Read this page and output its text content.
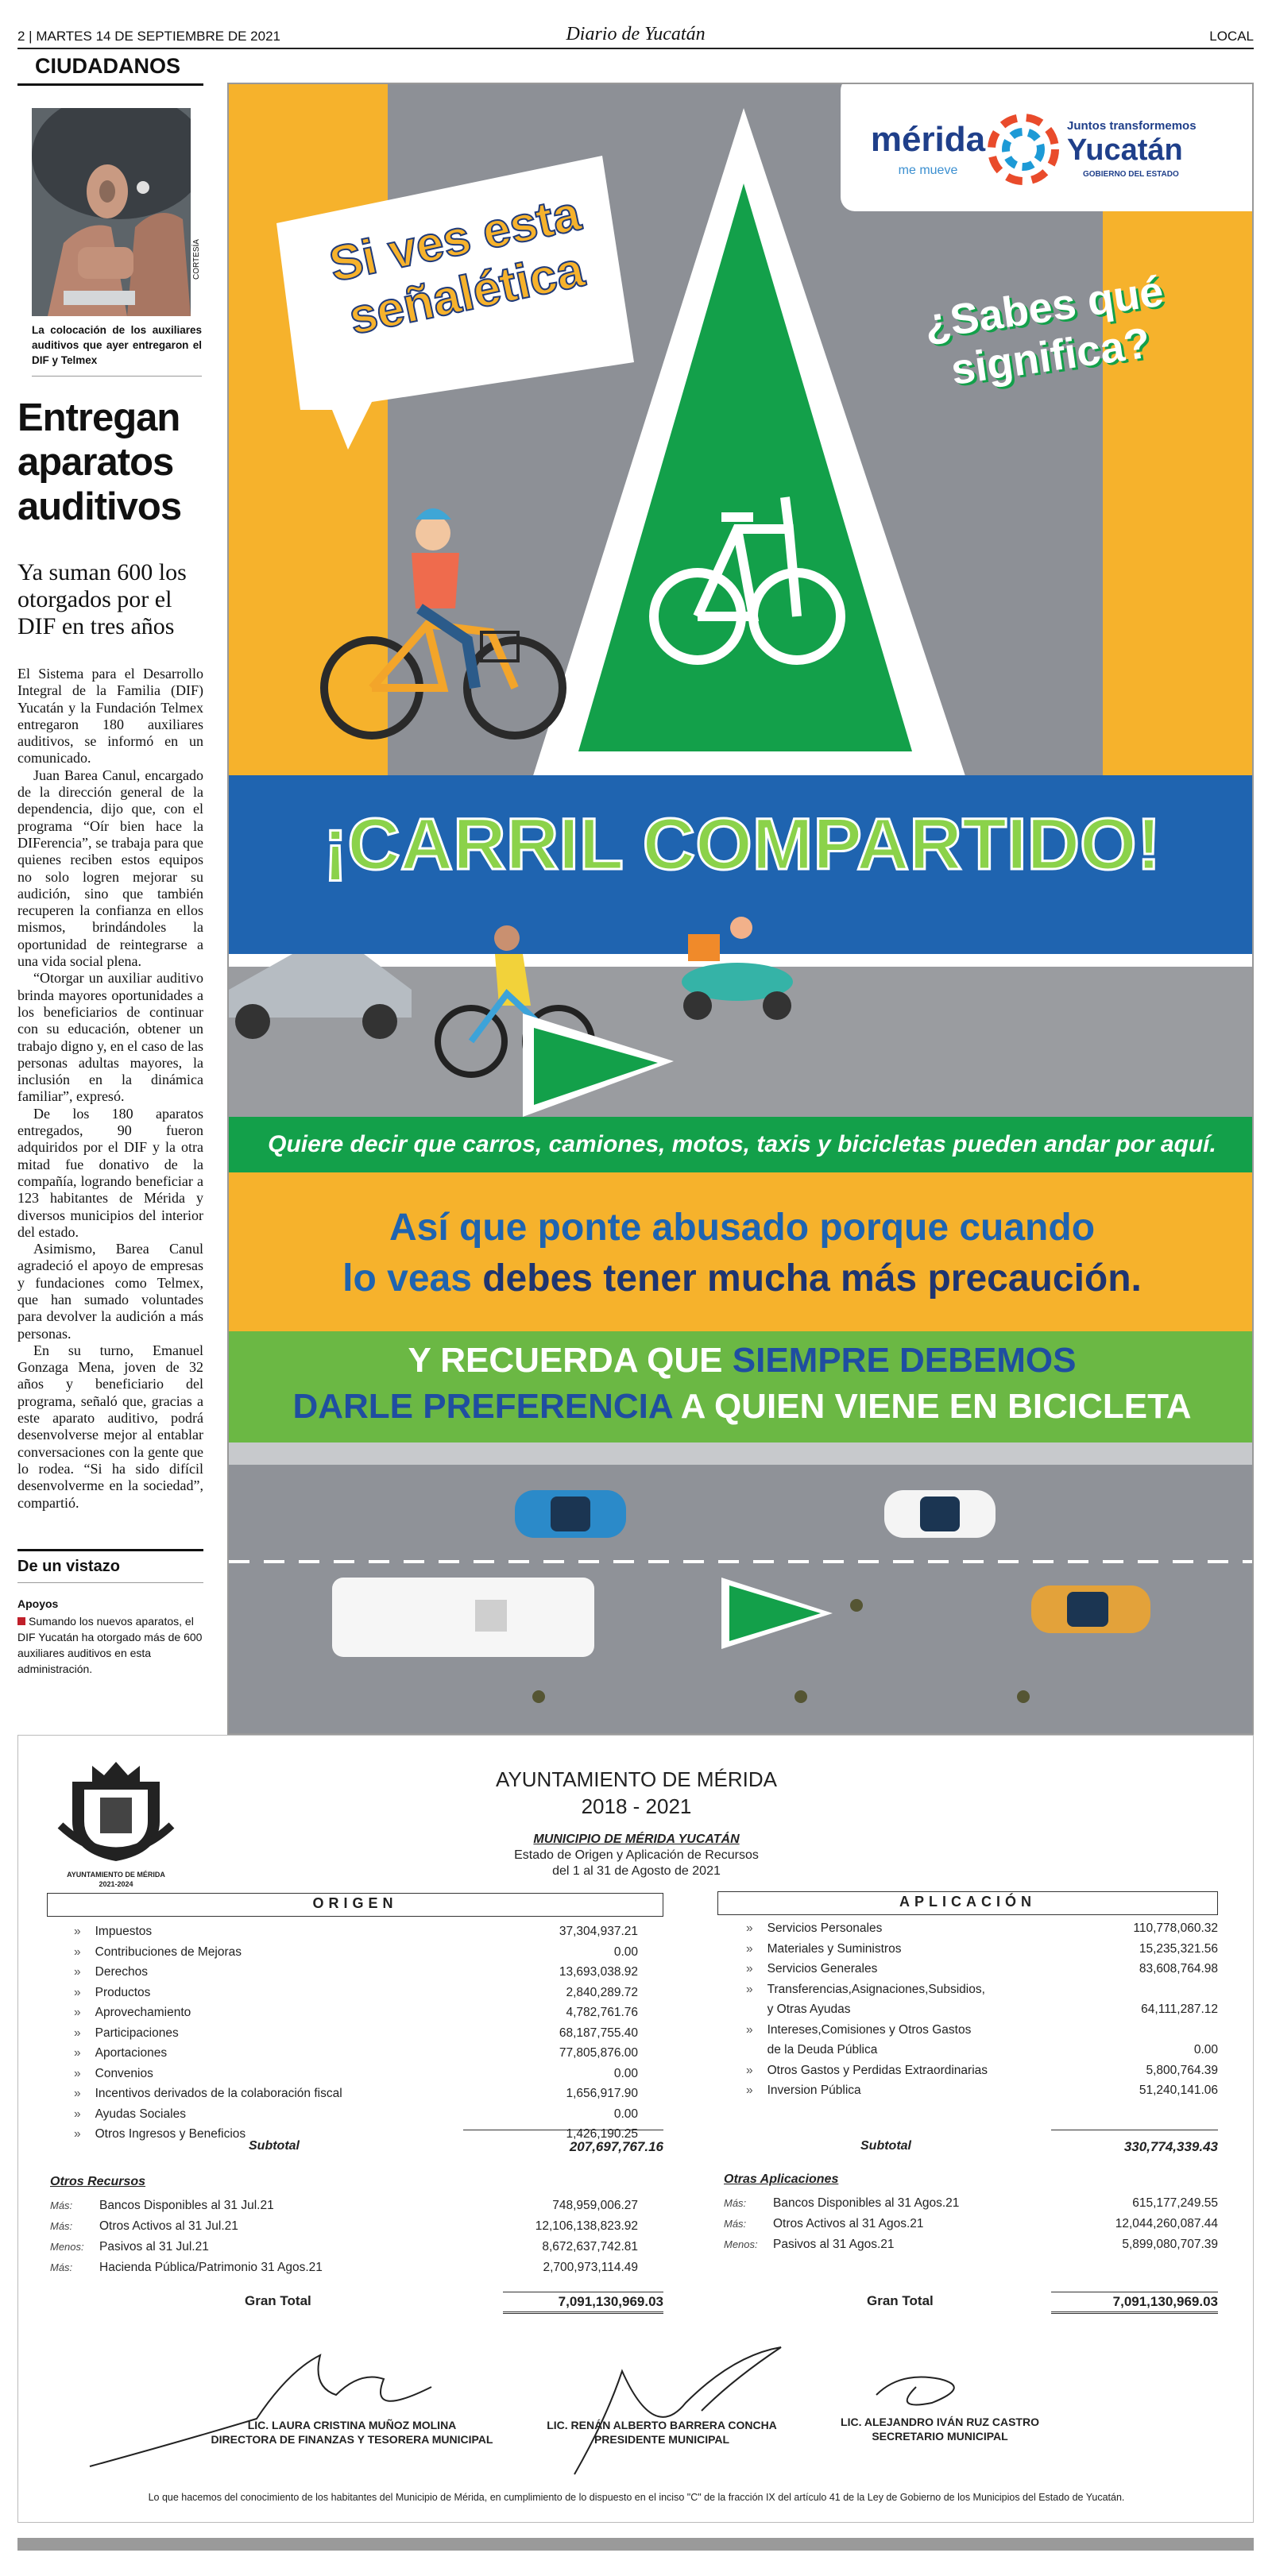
2 | MARTES 14 DE SEPTIEMBRE DE 2021	Diario de Yucatán	LOCAL
CIUDADANOS
CORTESÍA
La colocación de los auxiliares auditivos que ayer entregaron el DIF y Telmex
Entregan aparatos auditivos
Ya suman 600 los otorgados por el DIF en tres años

El Sistema para el Desarrollo Integral de la Familia (DIF) Yucatán y la Fundación Telmex entregaron 180 auxiliares auditivos, se informó en un comunicado.

Juan Barea Canul, encargado de la dirección general de la dependencia, dijo que, con el programa “Oír bien hace la DIFerencia”, se trabaja para que quienes reciben estos equipos no solo logren mejorar su audición, sino que también recuperen la confianza en ellos mismos, brindándoles la oportunidad de reintegrarse a una vida social plena.

“Otorgar un auxiliar auditivo brinda mayores oportunidades a los beneficiarios de continuar con su educación, obtener un trabajo digno y, en el caso de las personas adultas mayores, la inclusión en la dinámica familiar”, expresó.

De los 180 aparatos entregados, 90 fueron adquiridos por el DIF y la otra mitad fue donativo de la compañía, logrando beneficiar a 123 habitantes de Mérida y diversos municipios del interior del estado.

Asimismo, Barea Canul agradeció el apoyo de empresas y fundaciones como Telmex, que han sumado voluntades para devolver la audición a más personas.

En su turno, Emanuel Gonzaga Mena, joven de 32 años y beneficiario del programa, señaló que, gracias a este aparato auditivo, podrá desenvolverse mejor al entablar conversaciones con la gente que lo rodea. “Si ha sido difícil desenvolverme en la sociedad”, compartió.

De un vistazo
Apoyos
Sumando los nuevos aparatos, el DIF Yucatán ha otorgado más de 600 auxiliares auditivos en esta administración.
Si ves esta señalética	¿Sabes qué significa?
mérida
me mueve
Juntos transformemos
Yucatán
GOBIERNO DEL ESTADO
¡CARRIL COMPARTIDO!
Quiere decir que carros, camiones, motos, taxis y bicicletas pueden andar por aquí.
Así que ponte abusado porque cuando
lo veas debes tener mucha más precaución.
Y RECUERDA QUE SIEMPRE DEBEMOS
DARLE PREFERENCIA A QUIEN VIENE EN BICICLETA
AYUNTAMIENTO DE MÉRIDA
2021-2024
AYUNTAMIENTO DE MÉRIDA
2018 - 2021
MUNICIPIO DE MÉRIDA YUCATÁN
Estado de Origen y Aplicación de Recursos
del 1 al 31 de Agosto de 2021
ORIGEN	APLICACIÓN
Subtotal	207,697,767.16	Subtotal	330,774,339.43
Otros Recursos	Otras Aplicaciones
Gran Total	7,091,130,969.03	Gran Total	7,091,130,969.03
LIC. LAURA CRISTINA MUÑOZ MOLINA
DIRECTORA DE FINANZAS Y TESORERA MUNICIPAL
LIC. RENÁN ALBERTO BARRERA CONCHA
PRESIDENTE MUNICIPAL
LIC. ALEJANDRO IVÁN RUZ CASTRO
SECRETARIO MUNICIPAL
Lo que hacemos del conocimiento de los habitantes del Municipio de Mérida, en cumplimiento de lo dispuesto en el inciso "C" de la fracción IX del artículo 41 de la Ley de Gobierno de los Municipios del Estado de Yucatán.
» Impuestos	37,304,937.21
» Contribuciones de Mejoras	0.00
» Derechos	13,693,038.92
» Productos	2,840,289.72
» Aprovechamiento	4,782,761.76
» Participaciones	68,187,755.40
» Aportaciones	77,805,876.00
» Convenios	0.00
» Incentivos derivados de la colaboración fiscal	1,656,917.90
» Ayudas Sociales	0.00
» Otros Ingresos y Beneficios	1,426,190.25
» Servicios Personales	110,778,060.32
» Materiales y Suministros	15,235,321.56
» Servicios Generales	83,608,764.98
» Transferencias,Asignaciones,Subsidios,
y Otras Ayudas	64,111,287.12
» Intereses,Comisiones y Otros Gastos
de la Deuda Pública	0.00
» Otros Gastos y Perdidas Extraordinarias	5,800,764.39
» Inversion Pública	51,240,141.06
Más: Bancos Disponibles al 31 Jul.21	748,959,006.27
Más: Otros Activos al 31 Jul.21	12,106,138,823.92
Menos: Pasivos al 31 Jul.21	8,672,637,742.81
Más: Hacienda Pública/Patrimonio 31 Agos.21	2,700,973,114.49
Más: Bancos Disponibles al 31 Agos.21	615,177,249.55
Más: Otros Activos al 31 Agos.21	12,044,260,087.44
Menos: Pasivos al 31 Agos.21	5,899,080,707.39
